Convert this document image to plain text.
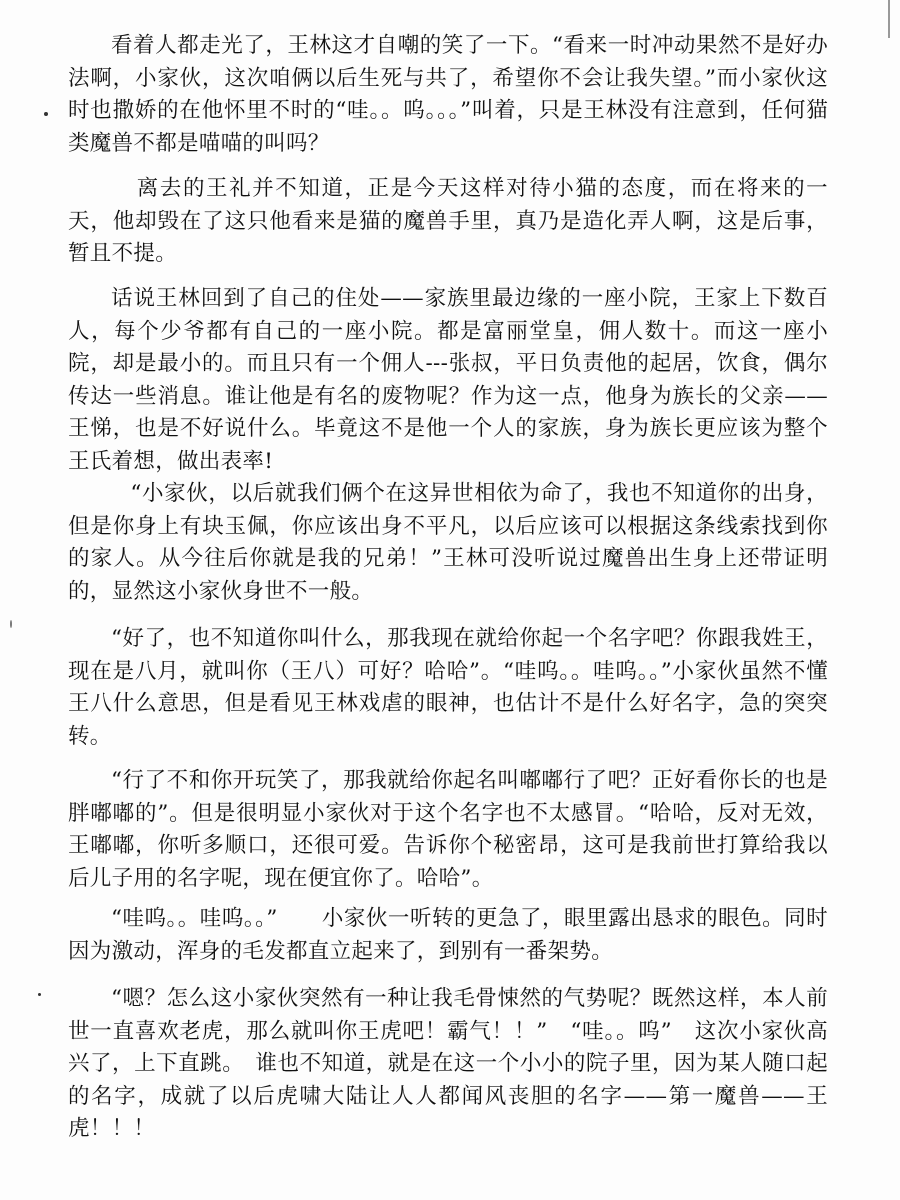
看着人都走光了，王林这才自嘲的笑了一下。“看来一时冲动果然不是好办法啊，小家伙，这次咱俩以后生死与共了，希望你不会让我失望。”而小家伙这时也撒娇的在他怀里不时的“哇。。呜。。。”叫着，只是王林没有注意到，任何猫类魔兽不都是喵喵的叫吗？

离去的王礼并不知道，正是今天这样对待小猫的态度，而在将来的一天，他却毁在了这只他看来是猫的魔兽手里，真乃是造化弄人啊，这是后事，暂且不提。

话说王林回到了自己的住处——家族里最边缘的一座小院，王家上下数百人，每个少爷都有自己的一座小院。都是富丽堂皇，佣人数十。而这一座小院，却是最小的。而且只有一个佣人---张叔，平日负责他的起居，饮食，偶尔传达一些消息。谁让他是有名的废物呢？作为这一点，他身为族长的父亲——王悌，也是不好说什么。毕竟这不是他一个人的家族，身为族长更应该为整个王氏着想，做出表率!

“小家伙，以后就我们俩个在这异世相依为命了，我也不知道你的出身，但是你身上有块玉佩，你应该出身不平凡，以后应该可以根据这条线索找到你的家人。从今往后你就是我的兄弟！”王林可没听说过魔兽出生身上还带证明的，显然这小家伙身世不一般。

“好了，也不知道你叫什么，那我现在就给你起一个名字吧？你跟我姓王，现在是八月，就叫你（王八）可好？哈哈”。“哇呜。。哇呜。。”小家伙虽然不懂王八什么意思，但是看见王林戏虐的眼神，也估计不是什么好名字，急的突突转。

“行了不和你开玩笑了，那我就给你起名叫嘟嘟行了吧？正好看你长的也是胖嘟嘟的”。但是很明显小家伙对于这个名字也不太感冒。“哈哈，反对无效，王嘟嘟，你听多顺口，还很可爱。告诉你个秘密昂，这可是我前世打算给我以后儿子用的名字呢，现在便宜你了。哈哈”。

“哇呜。。哇呜。。”　　小家伙一听转的更急了，眼里露出恳求的眼色。同时因为激动，浑身的毛发都直立起来了，到别有一番架势。

“嗯？怎么这小家伙突然有一种让我毛骨悚然的气势呢？既然这样，本人前世一直喜欢老虎，那么就叫你王虎吧！霸气！！”　“哇。。呜”　这次小家伙高兴了，上下直跳。　谁也不知道，就是在这一个小小的院子里，因为某人随口起的名字，成就了以后虎啸大陆让人人都闻风丧胆的名字——第一魔兽——王虎！！！
